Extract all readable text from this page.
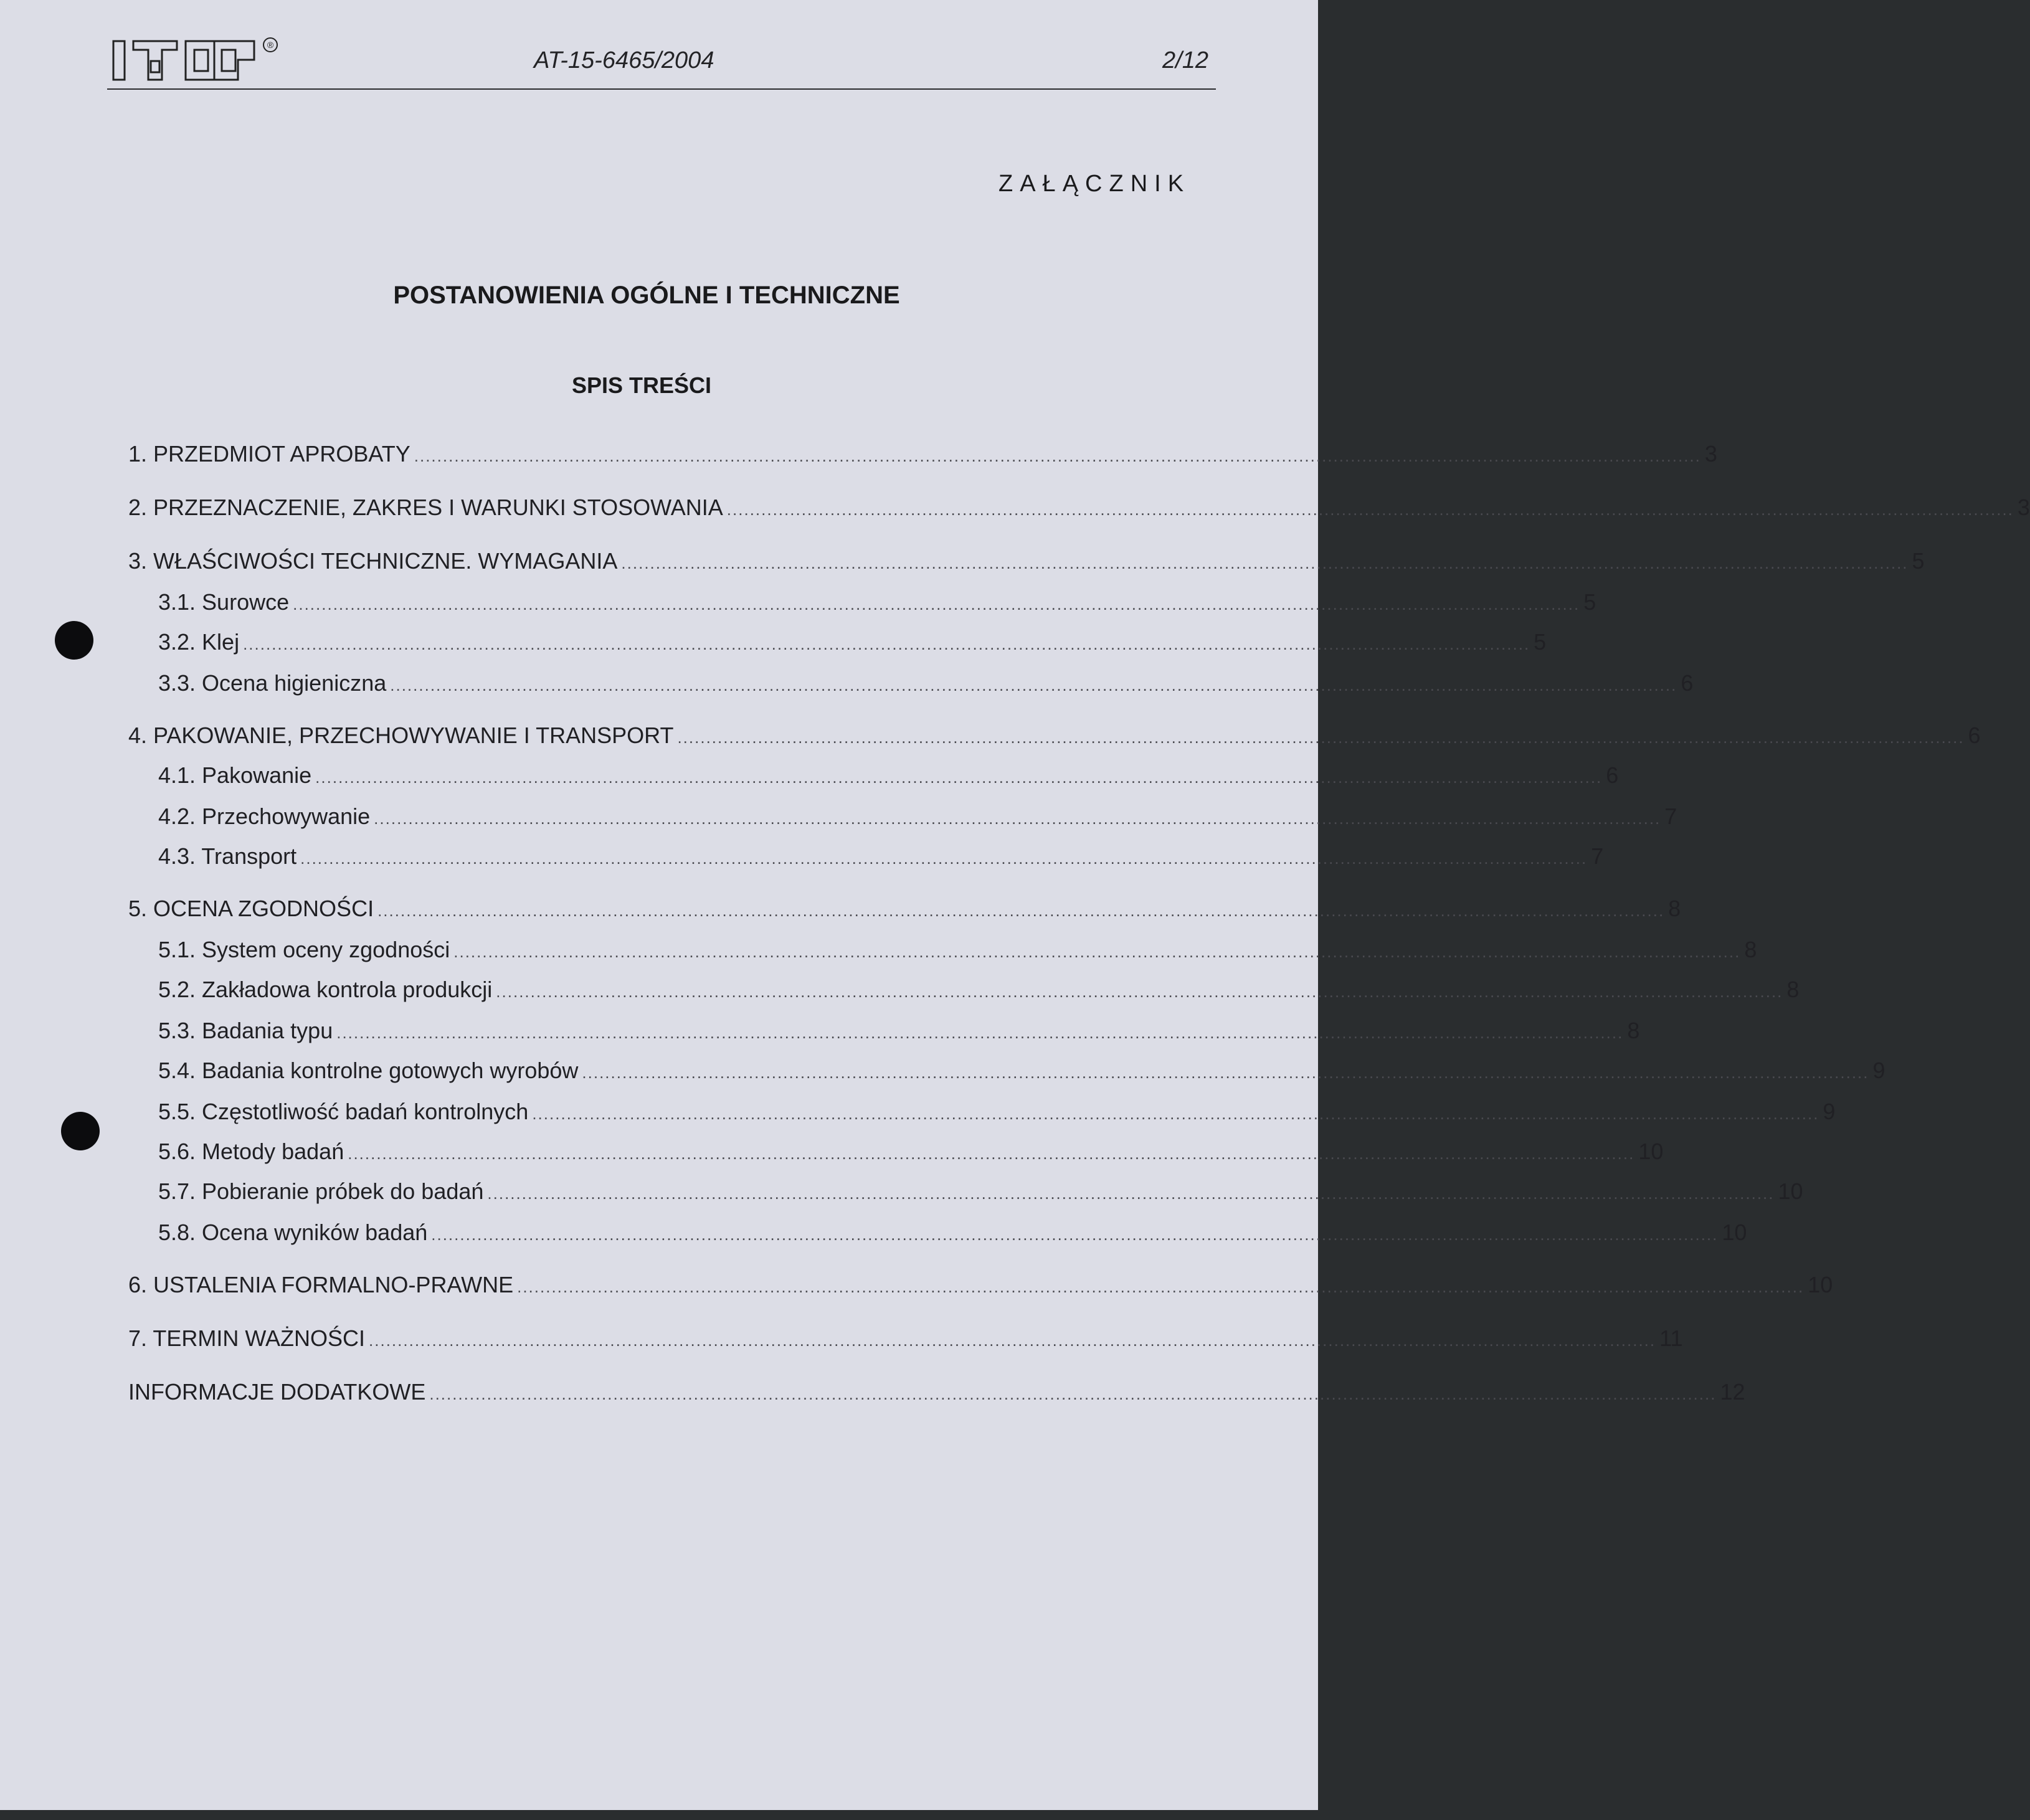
®
AT-15-6465/2004	2/12
ZAŁĄCZNIK
POSTANOWIENIA OGÓLNE I TECHNICZNE
SPIS TREŚCI
1. PRZEDMIOT APROBATY ................................................................................................................................................................................................................................ 3
2. PRZEZNACZENIE, ZAKRES I WARUNKI STOSOWANIA ................................................................................................................................................................................................................................ 3
3. WŁAŚCIWOŚCI TECHNICZNE. WYMAGANIA ................................................................................................................................................................................................................................ 5
3.1. Surowce ................................................................................................................................................................................................................................ 5
3.2. Klej ................................................................................................................................................................................................................................ 5
3.3. Ocena higieniczna ................................................................................................................................................................................................................................ 6
4. PAKOWANIE, PRZECHOWYWANIE I TRANSPORT ................................................................................................................................................................................................................................ 6
4.1. Pakowanie ................................................................................................................................................................................................................................ 6
4.2. Przechowywanie ................................................................................................................................................................................................................................ 7
4.3. Transport ................................................................................................................................................................................................................................ 7
5. OCENA ZGODNOŚCI ................................................................................................................................................................................................................................ 8
5.1. System oceny zgodności ................................................................................................................................................................................................................................ 8
5.2. Zakładowa kontrola produkcji ................................................................................................................................................................................................................................ 8
5.3. Badania typu ................................................................................................................................................................................................................................ 8
5.4. Badania kontrolne gotowych wyrobów ................................................................................................................................................................................................................................ 9
5.5. Częstotliwość badań kontrolnych ................................................................................................................................................................................................................................ 9
5.6. Metody badań ................................................................................................................................................................................................................................ 10
5.7. Pobieranie próbek do badań ................................................................................................................................................................................................................................ 10
5.8. Ocena wyników badań ................................................................................................................................................................................................................................ 10
6. USTALENIA FORMALNO-PRAWNE ................................................................................................................................................................................................................................ 10
7. TERMIN WAŻNOŚCI ................................................................................................................................................................................................................................ 11
INFORMACJE DODATKOWE ................................................................................................................................................................................................................................ 12
